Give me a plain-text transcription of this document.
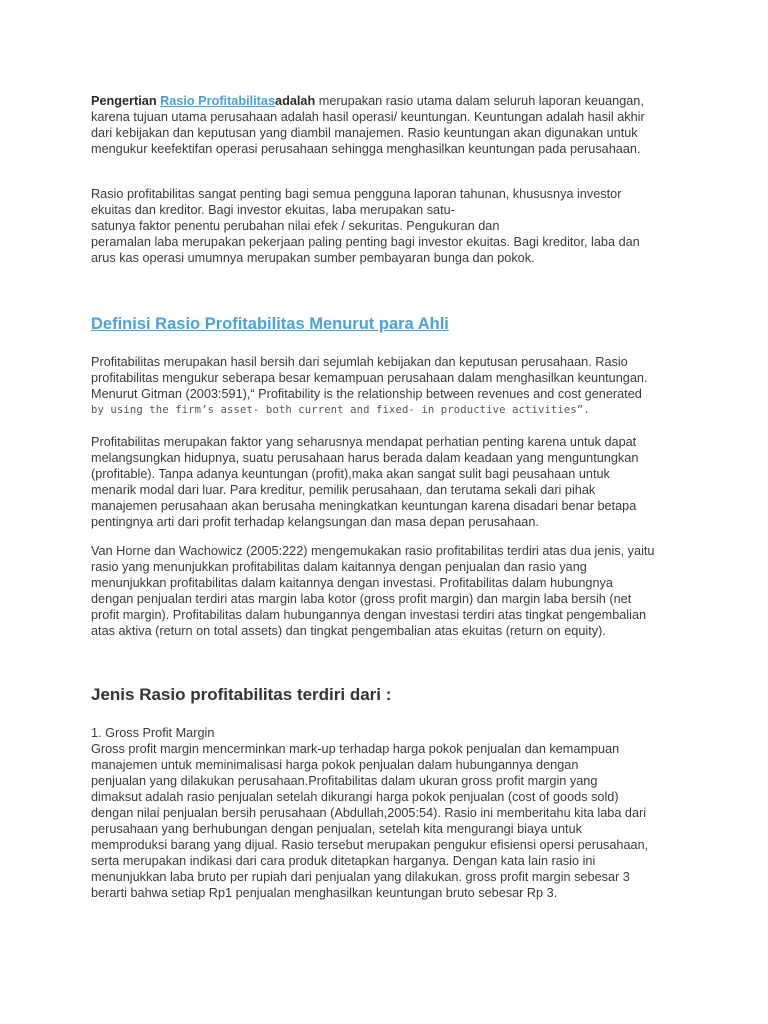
Pengertian Rasio Profitabilitasadalah merupakan rasio utama dalam seluruh laporan keuangan,
karena tujuan utama perusahaan adalah hasil operasi/ keuntungan. Keuntungan adalah hasil akhir
dari kebijakan dan keputusan yang diambil manajemen. Rasio keuntungan akan digunakan untuk
mengukur keefektifan operasi perusahaan sehingga menghasilkan keuntungan pada perusahaan.
Rasio profitabilitas sangat penting bagi semua pengguna laporan tahunan, khususnya investor
ekuitas dan kreditor. Bagi investor ekuitas, laba merupakan satu-
satunya faktor penentu perubahan nilai efek / sekuritas. Pengukuran dan
peramalan laba merupakan pekerjaan paling penting bagi investor ekuitas. Bagi kreditor, laba dan
arus kas operasi umumnya merupakan sumber pembayaran bunga dan pokok.
Definisi Rasio Profitabilitas Menurut para Ahli
Profitabilitas merupakan hasil bersih dari sejumlah kebijakan dan keputusan perusahaan. Rasio
profitabilitas mengukur seberapa besar kemampuan perusahaan dalam menghasilkan keuntungan.
Menurut Gitman (2003:591),“ Profitability is the relationship between revenues and cost generated
by using the firm’s asset- both current and fixed- in productive activities”.
Profitabilitas merupakan faktor yang seharusnya mendapat perhatian penting karena untuk dapat
melangsungkan hidupnya, suatu perusahaan harus berada dalam keadaan yang menguntungkan
(profitable). Tanpa adanya keuntungan (profit),maka akan sangat sulit bagi peusahaan untuk
menarik modal dari luar. Para kreditur, pemilik perusahaan, dan terutama sekali dari pihak
manajemen perusahaan akan berusaha meningkatkan keuntungan karena disadari benar betapa
pentingnya arti dari profit terhadap kelangsungan dan masa depan perusahaan.
Van Horne dan Wachowicz (2005:222) mengemukakan rasio profitabilitas terdiri atas dua jenis, yaitu
rasio yang menunjukkan profitabilitas dalam kaitannya dengan penjualan dan rasio yang
menunjukkan profitabilitas dalam kaitannya dengan investasi. Profitabilitas dalam hubungnya
dengan penjualan terdiri atas margin laba kotor (gross profit margin) dan margin laba bersih (net
profit margin). Profitabilitas dalam hubungannya dengan investasi terdiri atas tingkat pengembalian
atas aktiva (return on total assets) dan tingkat pengembalian atas ekuitas (return on equity).
Jenis Rasio profitabilitas terdiri dari :
1. Gross Profit Margin
Gross profit margin mencerminkan mark-up terhadap harga pokok penjualan dan kemampuan
manajemen untuk meminimalisasi harga pokok penjualan dalam hubungannya dengan
penjualan yang dilakukan perusahaan.Profitabilitas dalam ukuran gross profit margin yang
dimaksut adalah rasio penjualan setelah dikurangi harga pokok penjualan (cost of goods sold)
dengan nilai penjualan bersih perusahaan (Abdullah,2005:54). Rasio ini memberitahu kita laba dari
perusahaan yang berhubungan dengan penjualan, setelah kita mengurangi biaya untuk
memproduksi barang yang dijual. Rasio tersebut merupakan pengukur efisiensi opersi perusahaan,
serta merupakan indikasi dari cara produk ditetapkan harganya. Dengan kata lain rasio ini
menunjukkan laba bruto per rupiah dari penjualan yang dilakukan. gross profit margin sebesar 3
berarti bahwa setiap Rp1 penjualan menghasilkan keuntungan bruto sebesar Rp 3.
